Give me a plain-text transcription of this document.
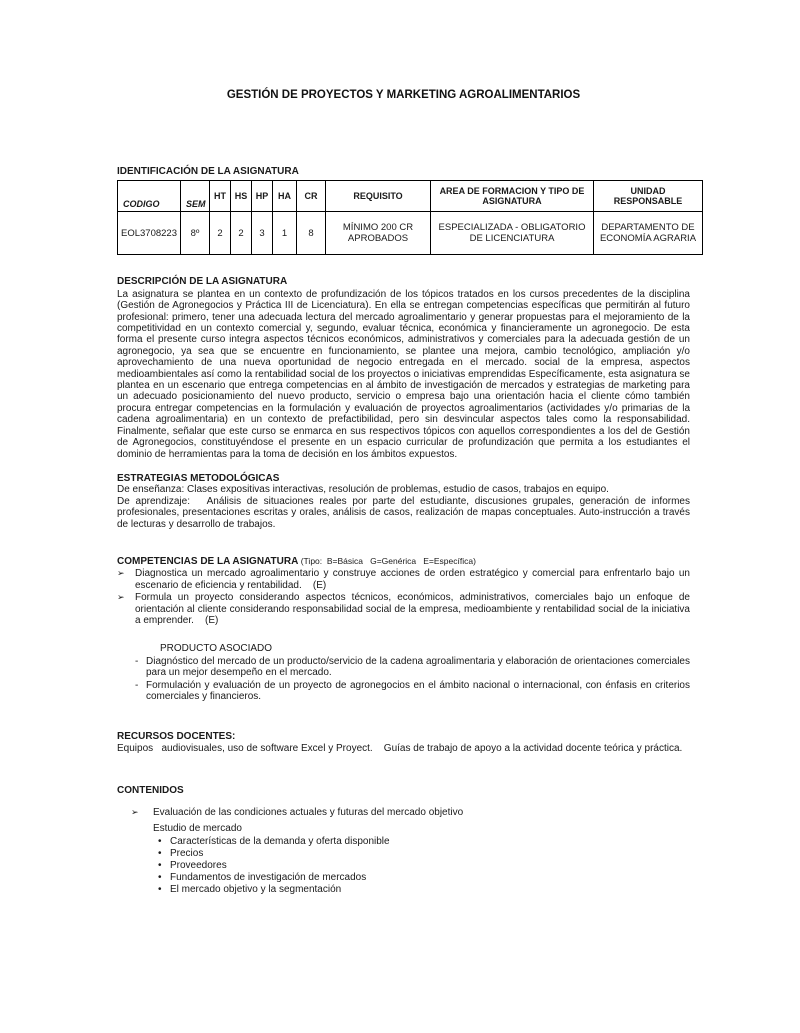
GESTIÓN DE PROYECTOS Y MARKETING AGROALIMENTARIOS
IDENTIFICACIÓN DE LA ASIGNATURA
CODIGO	SEM	HT	HS	HP	HA	CR	REQUISITO	AREA DE FORMACION Y TIPO DE ASIGNATURA	UNIDAD RESPONSABLE
EOL3708223	8º	2	2	3	1	8	MÍNIMO 200 CR APROBADOS	ESPECIALIZADA - OBLIGATORIO DE LICENCIATURA	DEPARTAMENTO DE ECONOMÍA AGRARIA
DESCRIPCIÓN DE LA ASIGNATURA
La asignatura se plantea en un contexto de profundización de los tópicos tratados en los cursos precedentes de la disciplina (Gestión de Agronegocios y Práctica III de Licenciatura). En ella se entregan competencias específicas que permitirán al futuro profesional: primero, tener una adecuada lectura del mercado agroalimentario y generar propuestas para el mejoramiento de la competitividad en un contexto comercial y, segundo, evaluar técnica, económica y financieramente un agronegocio. De esta forma el presente curso integra aspectos técnicos económicos, administrativos y comerciales para la adecuada gestión de un agronegocio, ya sea que se encuentre en funcionamiento, se plantee una mejora, cambio tecnológico, ampliación y/o aprovechamiento de una nueva oportunidad de negocio entregada en el mercado. social de la empresa, aspectos medioambientales así como la rentabilidad social de los proyectos o iniciativas emprendidas Específicamente, esta asignatura se plantea en un escenario que entrega competencias en al ámbito de investigación de mercados y estrategias de marketing para un adecuado posicionamiento del nuevo producto, servicio o empresa bajo una orientación hacia el cliente cómo también procura entregar competencias en la formulación y evaluación de proyectos agroalimentarios (actividades y/o primarias de la cadena agroalimentaria) en un contexto de prefactibilidad, pero sin desvincular aspectos tales como la responsabilidad. Finalmente, señalar que este curso se enmarca en sus respectivos tópicos con aquellos correspondientes a los del de Gestión de Agronegocios, constituyéndose el presente en un espacio curricular de profundización que permita a los estudiantes el dominio de herramientas para la toma de decisión en los ámbitos expuestos.
ESTRATEGIAS METODOLÓGICAS
De enseñanza: Clases expositivas interactivas, resolución de problemas, estudio de casos, trabajos en equipo.
De aprendizaje:   Análisis de situaciones reales por parte del estudiante, discusiones grupales, generación de informes profesionales, presentaciones escritas y orales, análisis de casos, realización de mapas conceptuales. Auto-instrucción a través de lecturas y desarrollo de trabajos.
COMPETENCIAS DE LA ASIGNATURA (Tipo:  B=Básica   G=Genérica   E=Específica)
➢	Diagnostica un mercado agroalimentario y construye acciones de orden estratégico y comercial para enfrentarlo bajo un escenario de eficiencia y rentabilidad.    (E)
➢	Formula un proyecto considerando aspectos técnicos, económicos, administrativos, comerciales bajo un enfoque de orientación al cliente considerando responsabilidad social de la empresa, medioambiente y rentabilidad social de la iniciativa a emprender.    (E)
PRODUCTO ASOCIADO
- Diagnóstico del mercado de un producto/servicio de la cadena agroalimentaria y elaboración de orientaciones comerciales para un mejor desempeño en el mercado.
- Formulación y evaluación de un proyecto de agronegocios en el ámbito nacional o internacional, con énfasis en criterios comerciales y financieros.
RECURSOS DOCENTES:
Equipos   audiovisuales, uso de software Excel y Proyect.    Guías de trabajo de apoyo a la actividad docente teórica y práctica.
CONTENIDOS
➢	Evaluación de las condiciones actuales y futuras del mercado objetivo
Estudio de mercado
• Características de la demanda y oferta disponible
• Precios
• Proveedores
• Fundamentos de investigación de mercados
• El mercado objetivo y la segmentación
